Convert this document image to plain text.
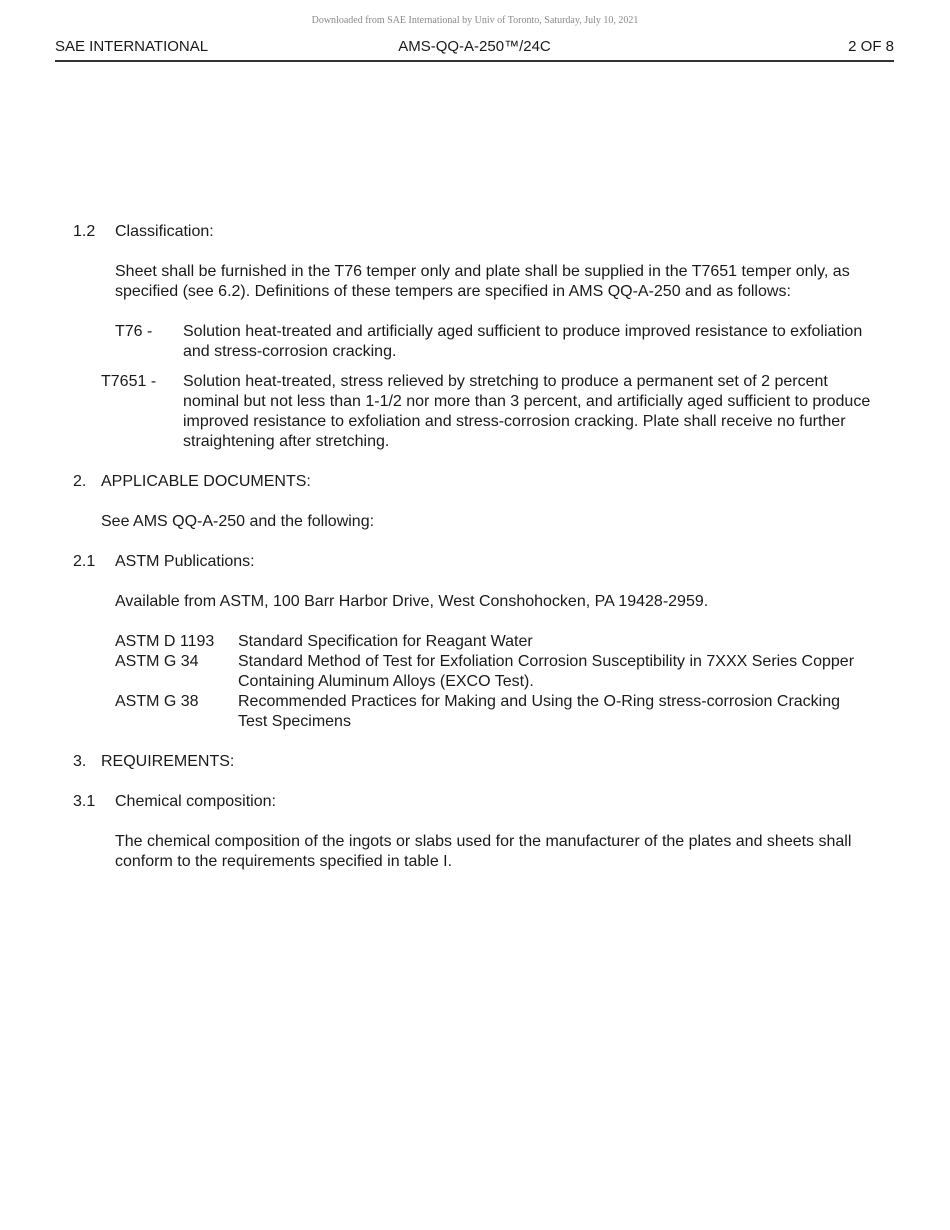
Downloaded from SAE International by Univ of Toronto, Saturday, July 10, 2021
SAE INTERNATIONAL	AMS-QQ-A-250™/24C	2 OF 8
1.2 Classification:
Sheet shall be furnished in the T76 temper only and plate shall be supplied in the T7651 temper only, as specified (see 6.2). Definitions of these tempers are specified in AMS QQ-A-250 and as follows:
T76 - Solution heat-treated and artificially aged sufficient to produce improved resistance to exfoliation and stress-corrosion cracking.
T7651 - Solution heat-treated, stress relieved by stretching to produce a permanent set of 2 percent nominal but not less than 1-1/2 nor more than 3 percent, and artificially aged sufficient to produce improved resistance to exfoliation and stress-corrosion cracking. Plate shall receive no further straightening after stretching.
2. APPLICABLE DOCUMENTS:
See AMS QQ-A-250 and the following:
2.1 ASTM Publications:
Available from ASTM, 100 Barr Harbor Drive, West Conshohocken, PA 19428-2959.
ASTM D 1193 Standard Specification for Reagant Water
ASTM G 34 Standard Method of Test for Exfoliation Corrosion Susceptibility in 7XXX Series Copper Containing Aluminum Alloys (EXCO Test).
ASTM G 38 Recommended Practices for Making and Using the O-Ring stress-corrosion Cracking Test Specimens
3. REQUIREMENTS:
3.1 Chemical composition:
The chemical composition of the ingots or slabs used for the manufacturer of the plates and sheets shall conform to the requirements specified in table I.
